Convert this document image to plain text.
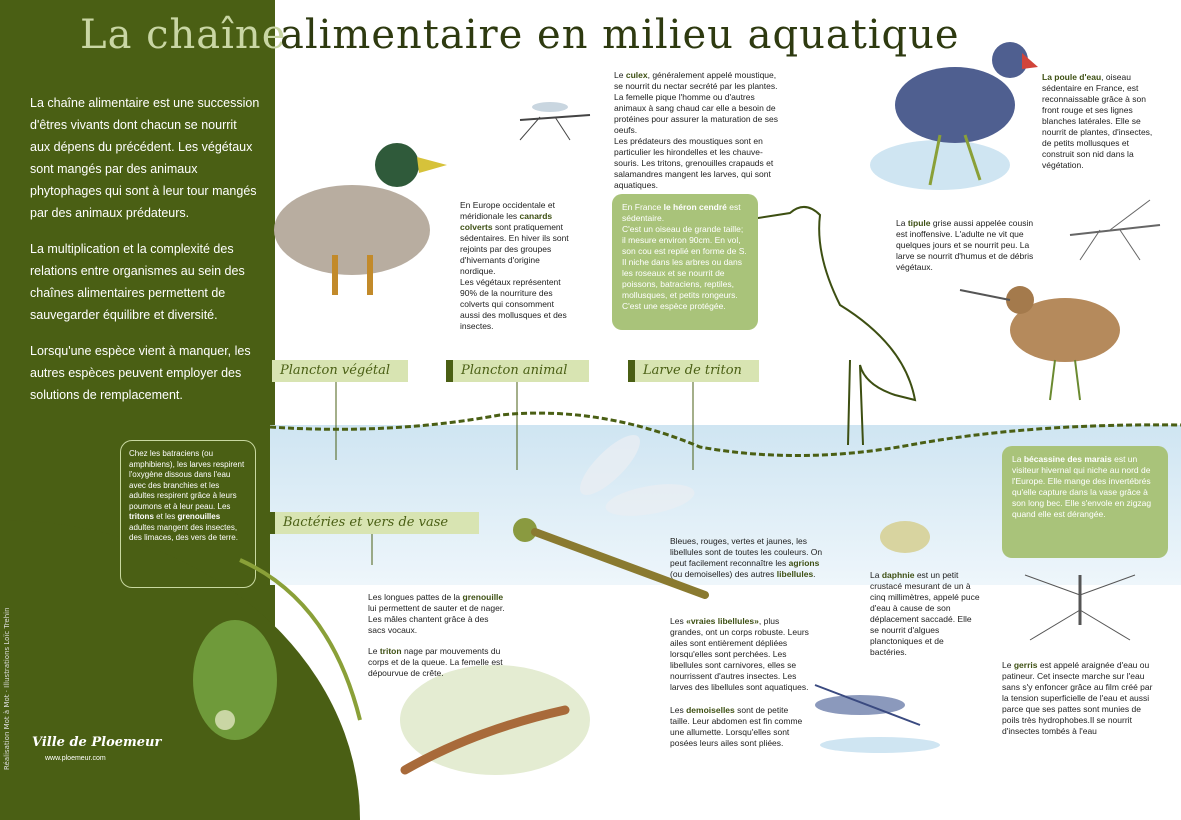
La chaîne
alimentaire en milieu aquatique
La chaîne alimentaire est une succession d'êtres vivants dont chacun se nourrit aux dépens du précédent. Les végétaux sont mangés par des animaux phytophages qui sont à leur tour mangés par des animaux prédateurs.
La multiplication et la complexité des relations entre organismes au sein des chaînes alimentaires permettent de sauvegarder équilibre et diversité.
Lorsqu'une espèce vient à manquer, les autres espèces peuvent employer des solutions de remplacement.
Chez les batraciens (ou amphibiens), les larves respirent l'oxygène dissous dans l'eau avec des branchies et les adultes respirent grâce à leurs poumons et à leur peau. Les tritons et les grenouilles adultes mangent des insectes, des limaces, des vers de terre.
Réalisation Mot à Mot · Illustrations Loïc Trehin Ville de Ploemeur
www.ploemeur.com
Plancton végétal	Plancton animal	Larve de triton
Bactéries et vers de vase
Le culex, généralement appelé moustique, se nourrit du nectar secrété par les plantes. La femelle pique l'homme ou d'autres animaux à sang chaud car elle a besoin de protéines pour assurer la maturation de ses oeufs.
Les prédateurs des moustiques sont en particulier les hirondelles et les chauve-souris. Les tritons, grenouilles crapauds et salamandres mangent les larves, qui sont aquatiques.
En Europe occidentale et méridionale les canards colverts sont pratiquement sédentaires. En hiver ils sont rejoints par des groupes d'hivernants d'origine nordique.
Les végétaux représentent 90% de la nourriture des colverts qui consomment aussi des mollusques et des insectes.
En France le héron cendré est sédentaire.
C'est un oiseau de grande taille; il mesure environ 90cm. En vol, son cou est replié en forme de S. Il niche dans les arbres ou dans les roseaux et se nourrit de poissons, batraciens, reptiles, mollusques, et petits rongeurs.
C'est une espèce protégée.
La poule d'eau, oiseau sédentaire en France, est reconnaissable grâce à son front rouge et ses lignes blanches latérales. Elle se nourrit de plantes, d'insectes, de petits mollusques et construit son nid dans la végétation.
La tipule grise aussi appelée cousin est inoffensive. L'adulte ne vit que quelques jours et se nourrit peu. La larve se nourrit d'humus et de débris végétaux.
La bécassine des marais est un visiteur hivernal qui niche au nord de l'Europe. Elle mange des invertébrés qu'elle capture dans la vase grâce à son long bec. Elle s'envole en zigzag quand elle est dérangée.
Bleues, rouges, vertes et jaunes, les libellules sont de toutes les couleurs. On peut facilement reconnaître les agrions (ou demoiselles) des autres libellules.
Les longues pattes de la grenouille lui permettent de sauter et de nager. Les mâles chantent grâce à des sacs vocaux.
Le triton nage par mouvements du corps et de la queue. La femelle est dépourvue de crête.
Les «vraies libellules», plus grandes, ont un corps robuste. Leurs ailes sont entièrement dépliées lorsqu'elles sont perchées. Les libellules sont carnivores, elles se nourrissent d'autres insectes. Les larves des libellules sont aquatiques.
Les demoiselles sont de petite taille. Leur abdomen est fin comme une allumette. Lorsqu'elles sont posées leurs ailes sont pliées.
La daphnie est un petit crustacé mesurant de un à cinq millimètres, appelé puce d'eau à cause de son déplacement saccadé. Elle se nourrit d'algues planctoniques et de bactéries.
Le gerris est appelé araignée d'eau ou patineur. Cet insecte marche sur l'eau sans s'y enfoncer grâce au film créé par la tension superficielle de l'eau et aussi parce que ses pattes sont munies de poils très hydrophobes.Il se nourrit d'insectes tombés à l'eau
